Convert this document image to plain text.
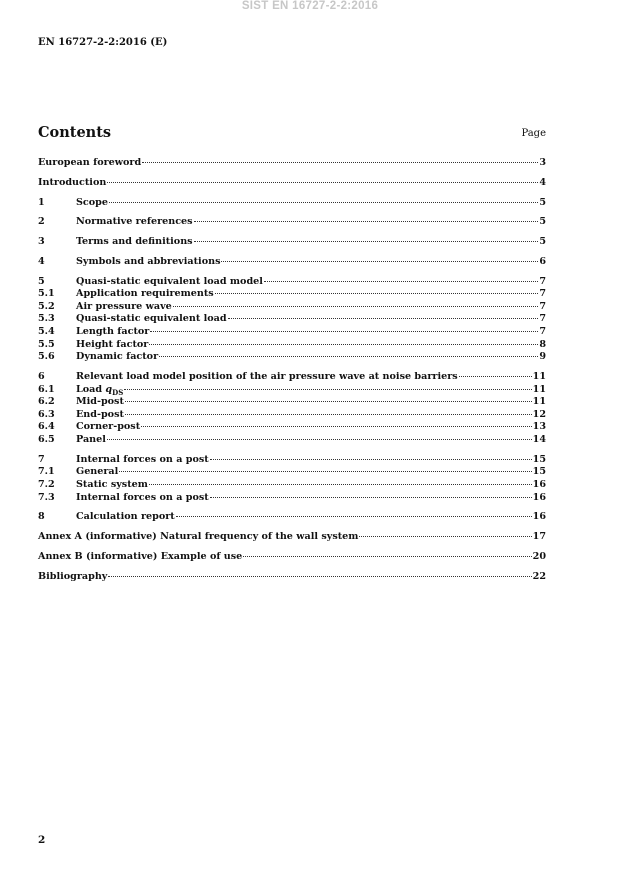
SIST EN 16727-2-2:2016
EN 16727-2-2:2016 (E)
Contents	Page
European foreword	3
Introduction	4
1	Scope	5
2	Normative references	5
3	Terms and definitions	5
4	Symbols and abbreviations	6
5	Quasi-static equivalent load model	7
5.1	Application requirements	7
5.2	Air pressure wave	7
5.3	Quasi-static equivalent load	7
5.4	Length factor	7
5.5	Height factor	8
5.6	Dynamic factor	9
6	Relevant load model position of the air pressure wave at noise barriers	11
6.1	Load $q_{DS}$	11
6.2	Mid-post	11
6.3	End-post	12
6.4	Corner-post	13
6.5	Panel	14
7	Internal forces on a post	15
7.1	General	15
7.2	Static system	16
7.3	Internal forces on a post	16
8	Calculation report	16
Annex A (informative) Natural frequency of the wall system	17
Annex B (informative) Example of use	20
Bibliography	22
2
